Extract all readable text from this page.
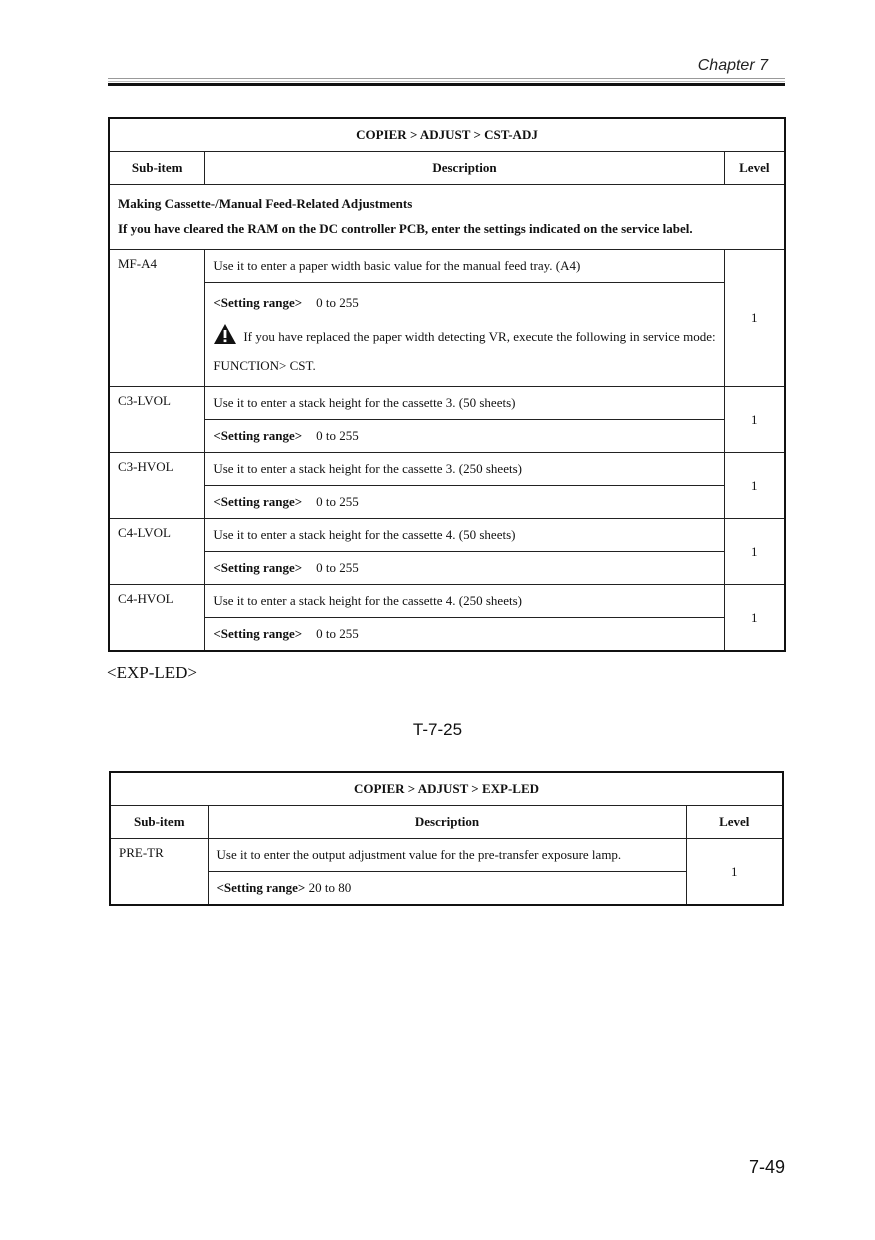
Chapter 7
COPIER > ADJUST > CST-ADJ		
Sub-item	Description	Level

Making Cassette-/Manual Feed-Related Adjustments
If you have cleared the RAM on the DC controller PCB, enter the settings indicated on the service label.		

MF-A4	Use it to enter a paper width basic value for the manual feed tray. (A4)	1

	<Setting range> 0 to 255
If you have replaced the paper width detecting VR, execute the following in service mode: FUNCTION> CST.	

C3-LVOL	Use it to enter a stack height for the cassette 3. (50 sheets)	1
	<Setting range> 0 to 255	
C3-HVOL	Use it to enter a stack height for the cassette 3. (250 sheets)	1
	<Setting range> 0 to 255	
C4-LVOL	Use it to enter a stack height for the cassette 4. (50 sheets)	1
	<Setting range> 0 to 255	
C4-HVOL	Use it to enter a stack height for the cassette 4. (250 sheets)	1
	<Setting range> 0 to 255	
<EXP-LED>
T-7-25
COPIER > ADJUST > EXP-LED		
Sub-item	Description	Level
PRE-TR	Use it to enter the output adjustment value for the pre-transfer exposure lamp.	1
	<Setting range> 20 to 80	
7-49
